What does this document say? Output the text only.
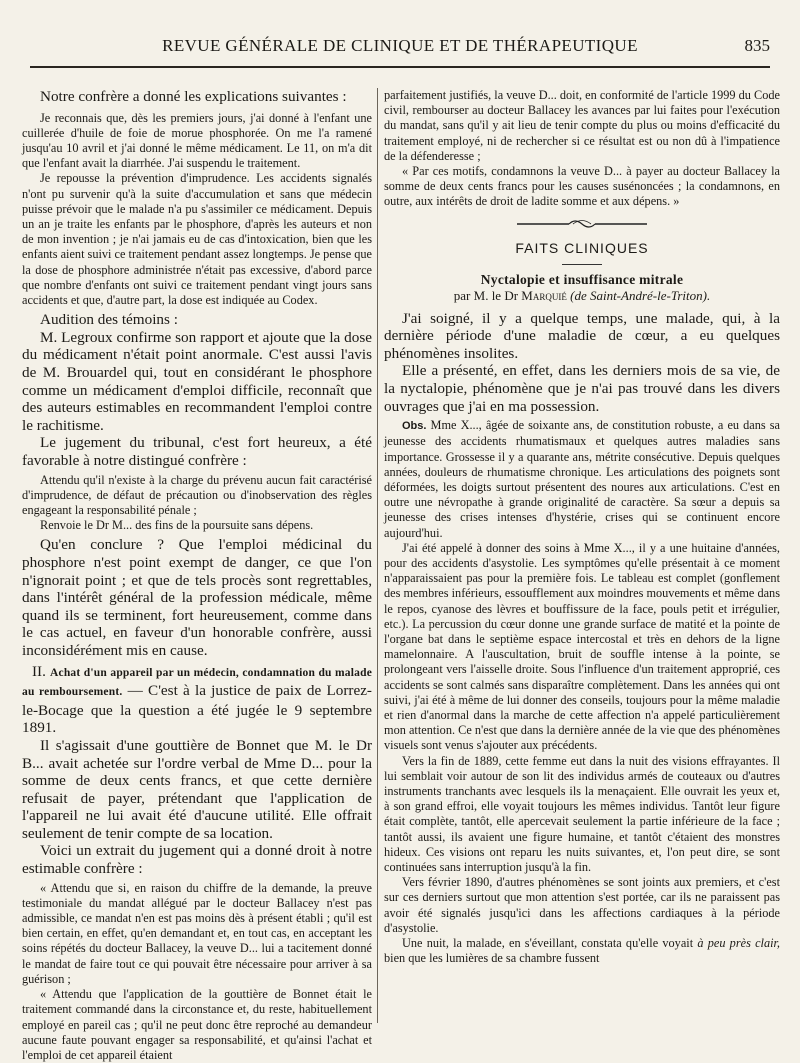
REVUE GÉNÉRALE DE CLINIQUE ET DE THÉRAPEUTIQUE	835

Notre confrère a donné les explications suivantes :

Je reconnais que, dès les premiers jours, j'ai donné à l'enfant une cuillerée d'huile de foie de morue phosphorée. On me l'a ramené jusqu'au 10 avril et j'ai donné le même médicament. Le 11, on m'a dit que l'enfant avait la diarrhée. J'ai suspendu le traitement.

Je repousse la prévention d'imprudence. Les accidents signalés n'ont pu survenir qu'à la suite d'accumulation et sans que médecin puisse prévoir que le malade n'a pu s'assimiler ce médicament. Depuis un an je traite les enfants par le phosphore, d'après les auteurs et non de mon invention ; je n'ai jamais eu de cas d'intoxication, bien que les enfants aient suivi ce traitement pendant assez longtemps. Je pense que la dose de phosphore administrée n'était pas excessive, d'abord parce que nombre d'enfants ont suivi ce traitement pendant vingt jours sans accidents et que, d'autre part, la dose est indiquée au Codex.

Audition des témoins :

M. Legroux confirme son rapport et ajoute que la dose du médicament n'était point anormale. C'est aussi l'avis de M. Brouardel qui, tout en considérant le phosphore comme un médicament d'emploi difficile, reconnaît que des auteurs estimables en recommandent l'emploi contre le rachitisme.

Le jugement du tribunal, c'est fort heureux, a été favorable à notre distingué confrère :

Attendu qu'il n'existe à la charge du prévenu aucun fait caractérisé d'imprudence, de défaut de précaution ou d'inobservation des règles engageant la responsabilité pénale ;

Renvoie le Dr M... des fins de la poursuite sans dépens.

Qu'en conclure ? Que l'emploi médicinal du phosphore n'est point exempt de danger, ce que l'on n'ignorait point ; et que de tels procès sont regrettables, dans l'intérêt général de la profession médicale, même quand ils se terminent, fort heureusement, comme dans le cas actuel, en faveur d'un honorable confrère, aussi inconsidérément mis en cause.

II. Achat d'un appareil par un médecin, condamnation du malade au remboursement. — C'est à la justice de paix de Lorrez-le-Bocage que la question a été jugée le 9 septembre 1891.

Il s'agissait d'une gouttière de Bonnet que M. le Dr B... avait achetée sur l'ordre verbal de Mme D... pour la somme de deux cents francs, et que cette dernière refusait de payer, prétendant que l'application de l'appareil ne lui avait été d'aucune utilité. Elle offrait seulement de tenir compte de sa location.

Voici un extrait du jugement qui a donné droit à notre estimable confrère :

« Attendu que si, en raison du chiffre de la demande, la preuve testimoniale du mandat allégué par le docteur Ballacey n'est pas admissible, ce mandat n'en est pas moins dès à présent établi ; qu'il est bien certain, en effet, qu'en demandant et, en tout cas, en acceptant les soins répétés du docteur Ballacey, la veuve D... lui a tacitement donné le mandat de faire tout ce qui pouvait être nécessaire pour arriver à sa guérison ;

« Attendu que l'application de la gouttière de Bonnet était le traitement commandé dans la circonstance et, du reste, habituellement employé en pareil cas ; qu'il ne peut donc être reproché au demandeur aucune faute pouvant engager sa responsabilité, et qu'ainsi l'achat et l'emploi de cet appareil étaient

parfaitement justifiés, la veuve D... doit, en conformité de l'article 1999 du Code civil, rembourser au docteur Ballacey les avances par lui faites pour l'exécution du mandat, sans qu'il y ait lieu de tenir compte du plus ou moins d'efficacité du traitement employé, ni de rechercher si ce résultat est ou non dû à l'impatience de la défenderesse ;

« Par ces motifs, condamnons la veuve D... à payer au docteur Ballacey la somme de deux cents francs pour les causes susénoncées ; la condamnons, en outre, aux intérêts de droit de ladite somme et aux dépens. »

FAITS CLINIQUES
Nyctalopie et insuffisance mitrale
par M. le Dr Marquié (de Saint-André-le-Triton).

J'ai soigné, il y a quelque temps, une malade, qui, à la dernière période d'une maladie de cœur, a eu quelques phénomènes insolites.

Elle a présenté, en effet, dans les derniers mois de sa vie, de la nyctalopie, phénomène que je n'ai pas trouvé dans les divers ouvrages que j'ai en ma possession.

Obs. Mme X..., âgée de soixante ans, de constitution robuste, a eu dans sa jeunesse des accidents rhumatismaux et quelques autres maladies sans importance. Grossesse il y a quarante ans, métrite consécutive. Depuis quelques années, douleurs de rhumatisme chronique. Les articulations des poignets sont déformées, les doigts surtout présentent des noures aux articulations. C'est en outre une névropathe à grande originalité de caractère. Sa sœur a depuis sa jeunesse des crises intenses d'hystérie, crises qui se continuent encore aujourd'hui.

J'ai été appelé à donner des soins à Mme X..., il y a une huitaine d'années, pour des accidents d'asystolie. Les symptômes qu'elle présentait à ce moment n'apparaissaient pas pour la première fois. Le tableau est complet (gonflement des membres inférieurs, essoufflement aux moindres mouvements et même dans le repos, cyanose des lèvres et bouffissure de la face, pouls petit et irrégulier, etc.). La percussion du cœur donne une grande surface de matité et la pointe de l'organe bat dans le septième espace intercostal et très en dehors de la ligne mamelonnaire. A l'auscultation, bruit de souffle intense à la pointe, se prolongeant vers l'aisselle droite. Sous l'influence d'un traitement approprié, ces accidents se sont calmés sans disparaître complètement. Dans les années qui ont suivi, j'ai été à même de lui donner des conseils, toujours pour la même maladie et rien d'anormal dans la marche de cette affection n'a appelé particulièrement mon attention. Ce n'est que dans la dernière année de la vie que des phénomènes visuels sont venus s'ajouter aux précédents.

Vers la fin de 1889, cette femme eut dans la nuit des visions effrayantes. Il lui semblait voir autour de son lit des individus armés de couteaux ou d'autres instruments tranchants avec lesquels ils la menaçaient. Elle ouvrait les yeux et, à son grand effroi, elle voyait toujours les mêmes individus. Tantôt leur figure était complète, tantôt, elle apercevait seulement la partie inférieure de la face ; tantôt aussi, ils avaient une figure humaine, et tantôt c'étaient des monstres hideux. Ces visions ont reparu les nuits suivantes, et, l'on peut dire, se sont continuées sans interruption jusqu'à la fin.

Vers février 1890, d'autres phénomènes se sont joints aux premiers, et c'est sur ces derniers surtout que mon attention s'est portée, car ils ne paraissent pas avoir été signalés jusqu'ici dans les affections cardiaques à la période d'asystolie.

Une nuit, la malade, en s'éveillant, constata qu'elle voyait à peu près clair, bien que les lumières de sa chambre fussent
